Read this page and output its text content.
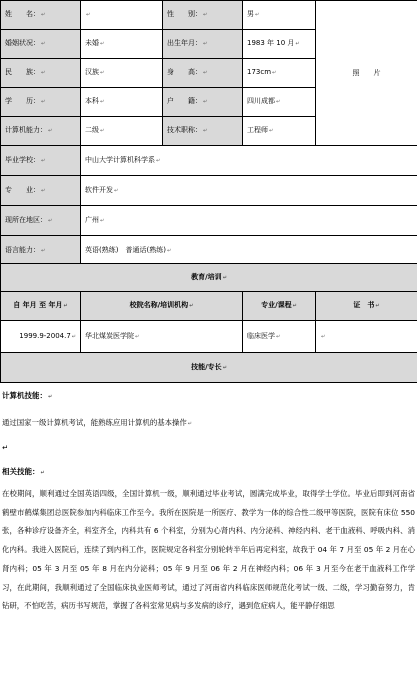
姓　　名：↵	↵	性　　别：↵	男↵	照　　片
婚姻状况：↵	未婚↵	出生年月：↵	1983 年 10 月↵	
民　　族：↵	汉族↵	身　　高：↵	173cm↵	
学　　历：↵	本科↵	户　　籍：↵	四川成都↵	
计算机能力：↵	二级↵	技术职称：↵	工程师↵	
毕业学校：↵	中山大学计算机科学系↵
专　　业：↵	软件开发↵
现所在地区：↵	广州↵
语言能力：↵	英语(熟练)　普通话(熟练)↵
教育/培训↵			
自 年月 至 年月↵	校院名称/培训机构↵	专业/课程↵	证　书↵
1999.9-2004.7↵	华北煤炭医学院↵	临床医学↵	↵
技能/专长↵			

计算机技能：↵

通过国家一级计算机考试，能熟练应用计算机的基本操作↵

↵

相关技能：↵

在校期间，顺利通过全国英语四级，全国计算机一级，顺利通过毕业考试，圆满完成毕业，取得学士学位。毕业后即到河南省鹤壁市鹤煤集团总医院参加内科临床工作至今。我所在医院是一所医疗、教学为一体的综合性二级甲等医院，医院有床位 550 张，各种诊疗设备齐全，科室齐全，内科共有 6 个科室，分别为心肾内科、内分泌科、神经内科、老干血液科、呼吸内科、消化内科。我进入医院后，连续了到内科工作，医院规定各科室分别轮转半年后再定科室，故我于 04 年 7 月至 05 年 2 月在心肾内科；05 年 3 月至 05 年 8 月在内分泌科；05 年 9 月至 06 年 2 月在神经内科；06 年 3 月至今在老干血液科工作学习，在此期间，我顺利通过了全国临床执业医师考试，通过了河南省内科临床医师规范化考试一级、二级，学习勤奋努力，肯钻研，不怕吃苦，病历书写规范，掌握了各科室常见病与多发病的诊疗，遇到危症病人，能平静仔细思
